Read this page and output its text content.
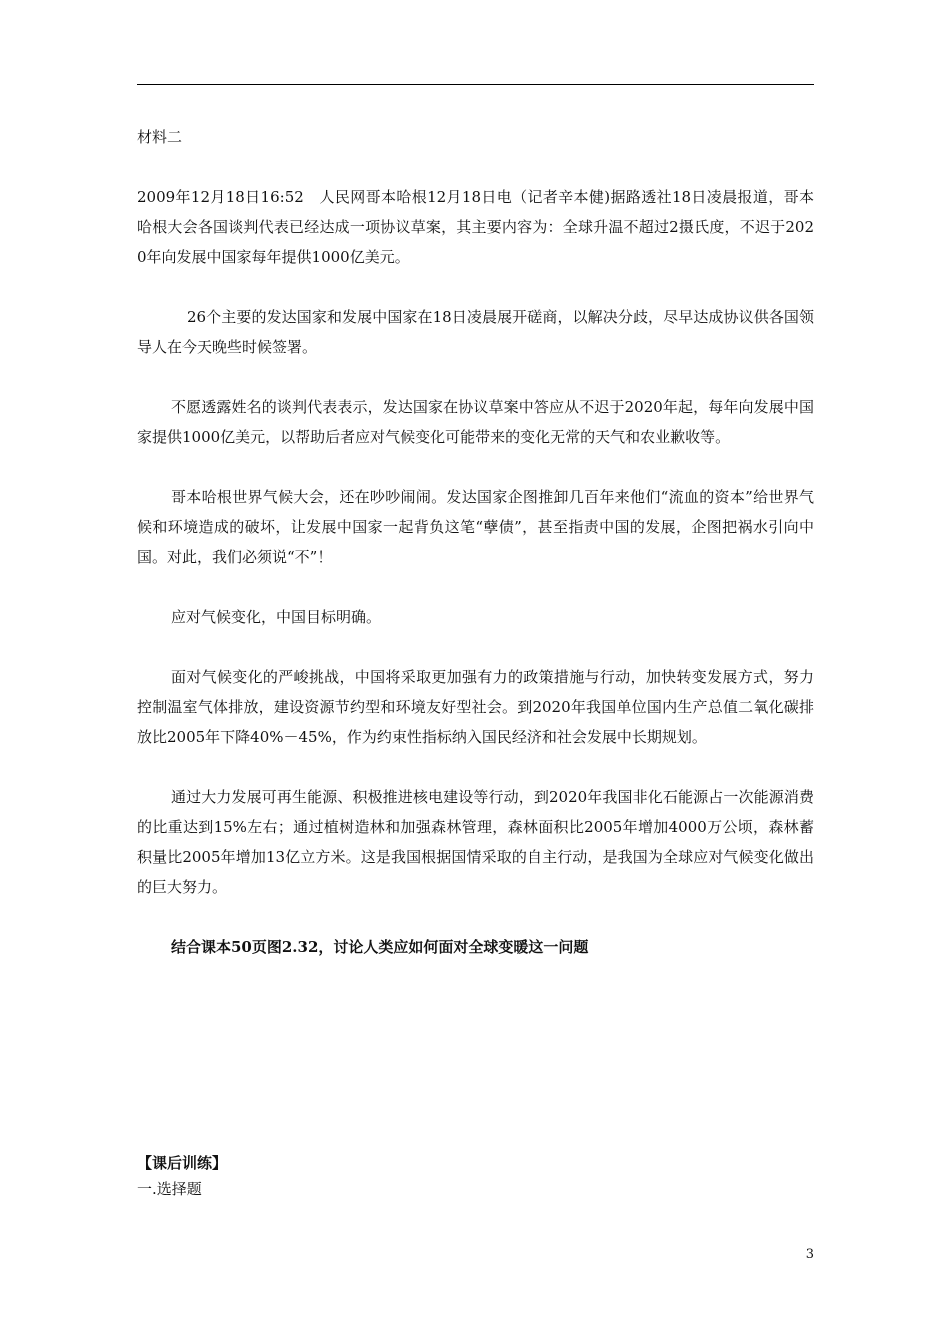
材料二

2009年12月18日16:52　人民网哥本哈根12月18日电（记者辛本健)据路透社18日凌晨报道，哥本哈根大会各国谈判代表已经达成一项协议草案，其主要内容为：全球升温不超过2摄氏度，不迟于2020年向发展中国家每年提供1000亿美元。

26个主要的发达国家和发展中国家在18日凌晨展开磋商，以解决分歧，尽早达成协议供各国领导人在今天晚些时候签署。

不愿透露姓名的谈判代表表示，发达国家在协议草案中答应从不迟于2020年起，每年向发展中国家提供1000亿美元，以帮助后者应对气候变化可能带来的变化无常的天气和农业歉收等。

哥本哈根世界气候大会，还在吵吵闹闹。发达国家企图推卸几百年来他们“流血的资本”给世界气候和环境造成的破坏，让发展中国家一起背负这笔“孽债”，甚至指责中国的发展，企图把祸水引向中国。对此，我们必须说“不”！

应对气候变化，中国目标明确。

面对气候变化的严峻挑战，中国将采取更加强有力的政策措施与行动，加快转变发展方式，努力控制温室气体排放，建设资源节约型和环境友好型社会。到2020年我国单位国内生产总值二氧化碳排放比2005年下降40%－45%，作为约束性指标纳入国民经济和社会发展中长期规划。

通过大力发展可再生能源、积极推进核电建设等行动，到2020年我国非化石能源占一次能源消费的比重达到15%左右；通过植树造林和加强森林管理，森林面积比2005年增加4000万公顷，森林蓄积量比2005年增加13亿立方米。这是我国根据国情采取的自主行动，是我国为全球应对气候变化做出的巨大努力。

结合课本50页图2.32，讨论人类应如何面对全球变暖这一问题

【课后训练】

一.选择题

3
